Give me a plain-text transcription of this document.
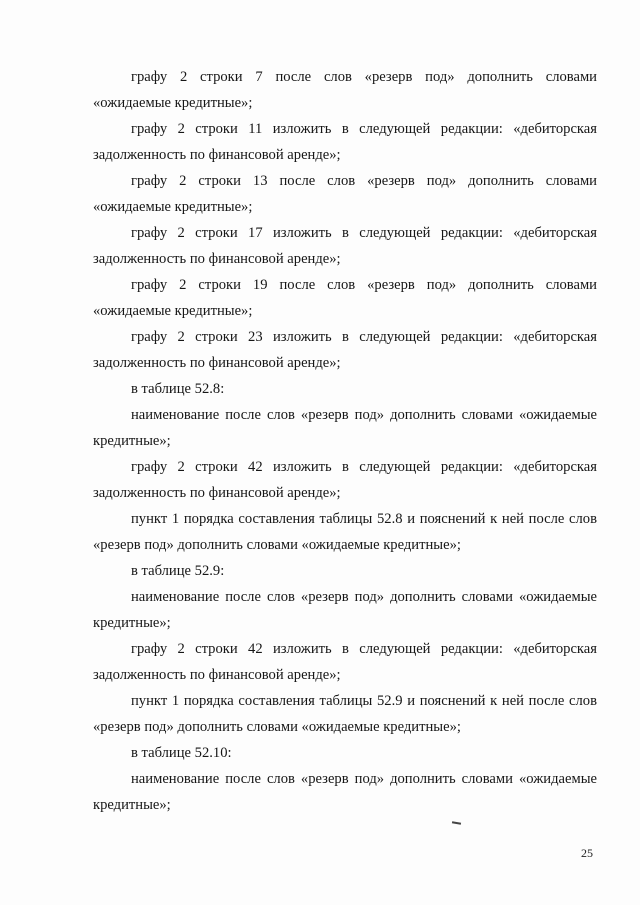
графу 2 строки 7 после слов «резерв под» дополнить словами
«ожидаемые кредитные»;
графу 2 строки 11 изложить в следующей редакции: «дебиторская
задолженность по финансовой аренде»;
графу 2 строки 13 после слов «резерв под» дополнить словами
«ожидаемые кредитные»;
графу 2 строки 17 изложить в следующей редакции: «дебиторская
задолженность по финансовой аренде»;
графу 2 строки 19 после слов «резерв под» дополнить словами
«ожидаемые кредитные»;
графу 2 строки 23 изложить в следующей редакции: «дебиторская
задолженность по финансовой аренде»;
в таблице 52.8:
наименование после слов «резерв под» дополнить словами «ожидаемые
кредитные»;
графу 2 строки 42 изложить в следующей редакции: «дебиторская
задолженность по финансовой аренде»;
пункт 1 порядка составления таблицы 52.8 и пояснений к ней после слов
«резерв под» дополнить словами «ожидаемые кредитные»;
в таблице 52.9:
наименование после слов «резерв под» дополнить словами «ожидаемые
кредитные»;
графу 2 строки 42 изложить в следующей редакции: «дебиторская
задолженность по финансовой аренде»;
пункт 1 порядка составления таблицы 52.9 и пояснений к ней после слов
«резерв под» дополнить словами «ожидаемые кредитные»;
в таблице 52.10:
наименование после слов «резерв под» дополнить словами «ожидаемые
кредитные»;
25
